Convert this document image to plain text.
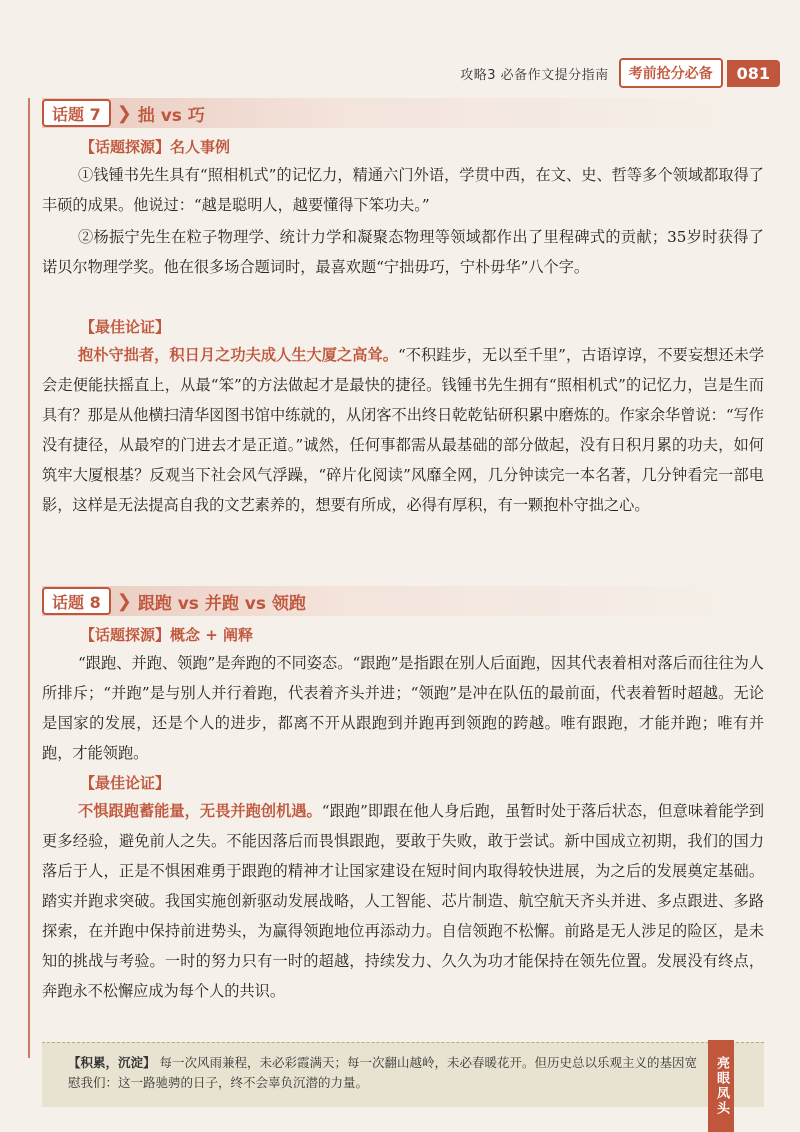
攻略3 必备作文提分指南	考前抢分必备	081
话题 7 ❯ 拙 vs 巧
【话题探源】名人事例
①钱锺书先生具有“照相机式”的记忆力，精通六门外语，学贯中西，在文、史、哲等多个领域都取得了丰硕的成果。他说过：“越是聪明人，越要懂得下笨功夫。”
②杨振宁先生在粒子物理学、统计力学和凝聚态物理等领域都作出了里程碑式的贡献；35岁时获得了诺贝尔物理学奖。他在很多场合题词时，最喜欢题“宁拙毋巧，宁朴毋华”八个字。
【最佳论证】
抱朴守拙者，积日月之功夫成人生大厦之高耸。“不积跬步，无以至千里”，古语谆谆，不要妄想还未学会走便能扶摇直上，从最“笨”的方法做起才是最快的捷径。钱锺书先生拥有“照相机式”的记忆力，岂是生而具有？那是从他横扫清华図图书馆中练就的，从闭客不出终日乾乾钻研积累中磨炼的。作家余华曾说：“写作没有捷径，从最窄的门进去才是正道。”诚然，任何事都需从最基础的部分做起，没有日积月累的功夫，如何筑牢大厦根基？反观当下社会风气浮躁，“碎片化阅读”风靡全网，几分钟读完一本名著，几分钟看完一部电影，这样是无法提高自我的文艺素养的，想要有所成，必得有厚积，有一颗抱朴守拙之心。
话题 8 ❯ 跟跑 vs 并跑 vs 领跑
【话题探源】概念 + 阐释
“跟跑、并跑、领跑”是奔跑的不同姿态。“跟跑”是指跟在别人后面跑，因其代表着相对落后而往往为人所排斥；“并跑”是与别人并行着跑，代表着齐头并进；“领跑”是冲在队伍的最前面，代表着暂时超越。无论是国家的发展，还是个人的进步，都离不开从跟跑到并跑再到领跑的跨越。唯有跟跑，才能并跑；唯有并跑，才能领跑。
【最佳论证】
不惧跟跑蓄能量，无畏并跑创机遇。“跟跑”即跟在他人身后跑，虽暂时处于落后状态，但意味着能学到更多经验，避免前人之失。不能因落后而畏惧跟跑，要敢于失败，敢于尝试。新中国成立初期，我们的国力落后于人，正是不惧困难勇于跟跑的精神才让国家建设在短时间内取得较快进展，为之后的发展奠定基础。踏实并跑求突破。我国实施创新驱动发展战略，人工智能、芯片制造、航空航天齐头并进、多点跟进、多路探索，在并跑中保持前进势头，为赢得领跑地位再添动力。自信领跑不松懈。前路是无人涉足的险区，是未知的挑战与考验。一时的努力只有一时的超越，持续发力、久久为功才能保持在领先位置。发展没有终点，奔跑永不松懈应成为每个人的共识。
【积累，沉淀】 每一次风雨兼程，未必彩霞满天；每一次翻山越岭，未必春暖花开。但历史总以乐观主义的基因宽慰我们：这一路驰骋的日子，终不会辜负沉潜的力量。	亮眼凤头
